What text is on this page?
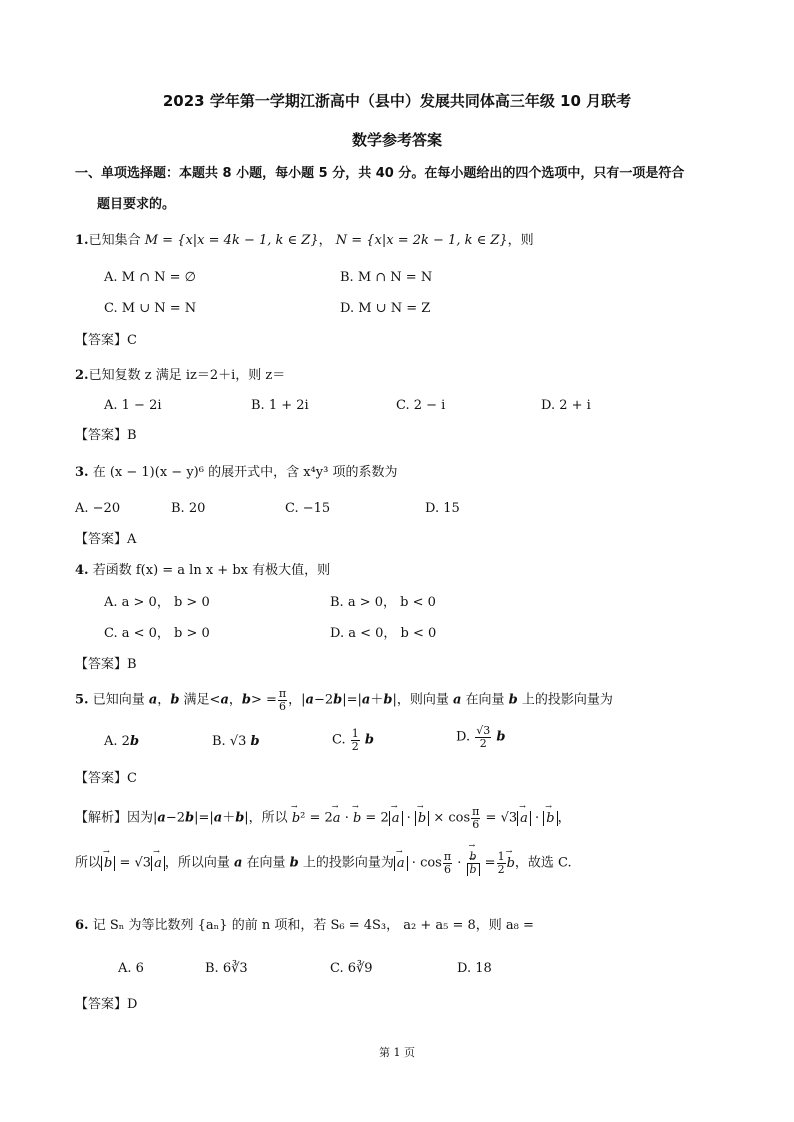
2023 学年第一学期江浙高中（县中）发展共同体高三年级 10 月联考
数学参考答案
一、单项选择题：本题共 8 小题，每小题 5 分，共 40 分。在每小题给出的四个选项中，只有一项是符合
题目要求的。
1.已知集合 M = {x|x = 4k − 1, k ∈ Z}， N = {x|x = 2k − 1, k ∈ Z}，则
A. M ∩ N = ∅	B. M ∩ N = N
C. M ∪ N = N	D. M ∪ N = Z
【答案】C
2.已知复数 z 满足 iz＝2＋i，则 z＝
A. 1 − 2i	B. 1 + 2i	C. 2 − i	D. 2 + i
【答案】B
3. 在 (x − 1)(x − y)⁶ 的展开式中，含 x⁴y³ 项的系数为
A. −20	B. 20	C. −15	D. 15
【答案】A
4. 若函数 f(x) = a ln x + bx 有极大值，则
A. a > 0， b > 0	B. a > 0， b < 0
C. a < 0， b > 0	D. a < 0， b < 0
【答案】B
5. 已知向量 a，b 满足<a，$b> = \frac{\pi}{6}$ ，|a−2b|=|a＋b|，则向量 a 在向量 b 上的投影向量为
A. 2b	B. √3 b	C. $\frac{1}{2}$ b	D. $\frac{√3}{2}$ b
【答案】C
【解析】因为|a−2b|=|a＋b|，所以 → b² = 2→ a · → b = 2→ a · → $b \times \cos \frac{\pi}{6} = √3\to a$ · → b ，
所以→ b = √3→ a ，所以向量 a 在向量 b 上的投影向量为→ $a \cdot \cos \frac{\pi}{6}$ ·
→ b
→ $b = \frac{1}{2}$
→ b，故选 C.
6. 记 Sₙ 为等比数列 {aₙ} 的前 n 项和，若 S₆ = 4S₃， a₂ + a₅ = 8，则 a₈ =
A. 6	B. 6∛3	C. 6∛9	D. 18
【答案】D
第 1 页
